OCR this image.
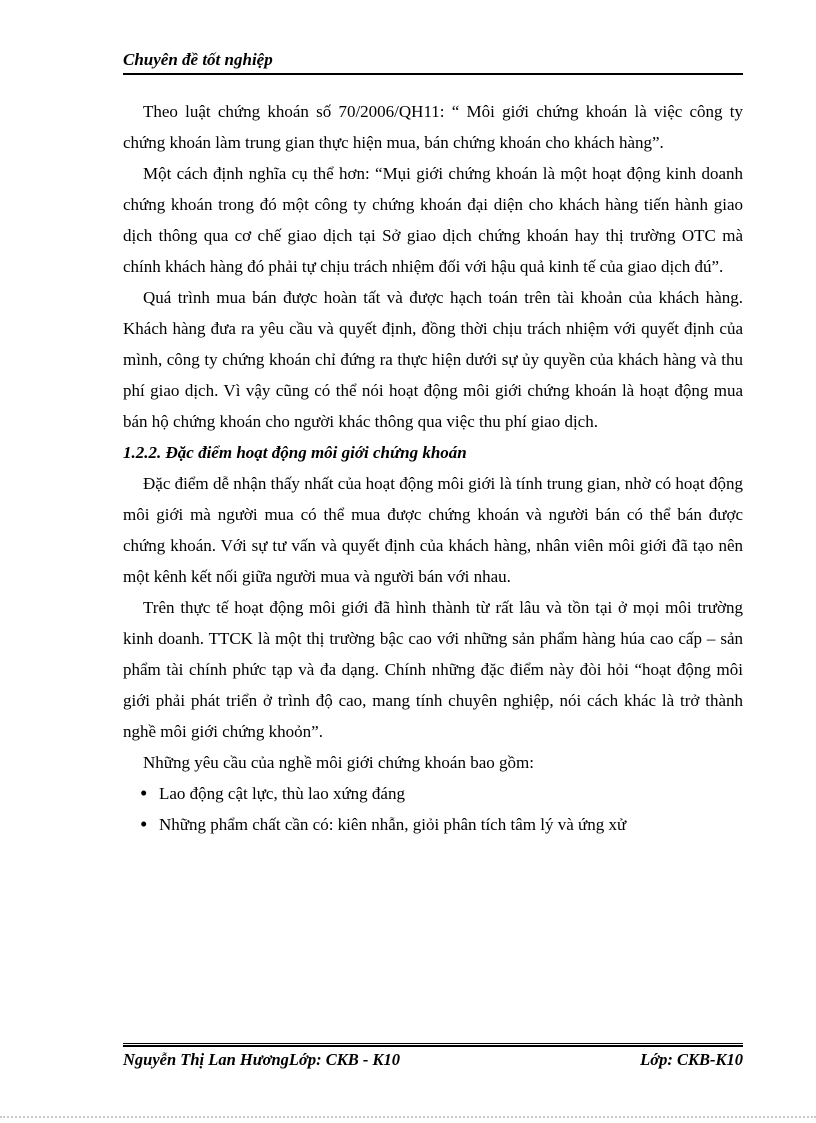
Chuyên đề tốt nghiệp

Theo luật chứng khoán số 70/2006/QH11: “ Môi giới chứng khoán là việc công ty chứng khoán làm trung gian thực hiện mua, bán chứng khoán cho khách hàng”.

Một cách định nghĩa cụ thể hơn: “Mụi giới chứng khoán là một hoạt động kinh doanh chứng khoán trong đó một công ty chứng khoán đại diện cho khách hàng tiến hành giao dịch thông qua cơ chế giao dịch tại Sở giao dịch chứng khoán hay thị trường OTC mà chính khách hàng đó phải tự chịu trách nhiệm đối với hậu quả kinh tế của giao dịch đú”.

Quá trình mua bán được hoàn tất và được hạch toán trên tài khoản của khách hàng. Khách hàng đưa ra yêu cầu và quyết định, đồng thời chịu trách nhiệm với quyết định của mình, công ty chứng khoán chỉ đứng ra thực hiện dưới sự ủy quyền của khách hàng và thu phí giao dịch. Vì vậy cũng có thể nói hoạt động môi giới chứng khoán là hoạt động mua bán hộ chứng khoán cho người khác thông qua việc thu phí giao dịch.

1.2.2. Đặc điểm hoạt động môi giới chứng khoán

Đặc điểm dễ nhận thấy nhất của hoạt động môi giới là tính trung gian, nhờ có hoạt động môi giới mà người mua có thể mua được chứng khoán và người bán có thể bán được chứng khoán. Với sự tư vấn và quyết định của khách hàng, nhân viên môi giới đã tạo nên một kênh kết nối giữa người mua và người bán với nhau.

Trên thực tế hoạt động môi giới đã hình thành từ rất lâu và tồn tại ở mọi môi trường kinh doanh. TTCK là một thị trường bậc cao với những sản phẩm hàng húa cao cấp – sản phẩm tài chính phức tạp và đa dạng. Chính những đặc điểm này đòi hỏi “hoạt động môi giới phải phát triển ở trình độ cao, mang tính chuyên nghiệp, nói cách khác là trở thành nghề môi giới chứng khoỏn”.

Những yêu cầu của nghề môi giới chứng khoán bao gồm:

• Lao động cật lực, thù lao xứng đáng
• Những phẩm chất cần có: kiên nhẫn, giỏi phân tích tâm lý và ứng xử
Nguyễn Thị Lan HươngLớp: CKB - K10	Lớp: CKB-K10
